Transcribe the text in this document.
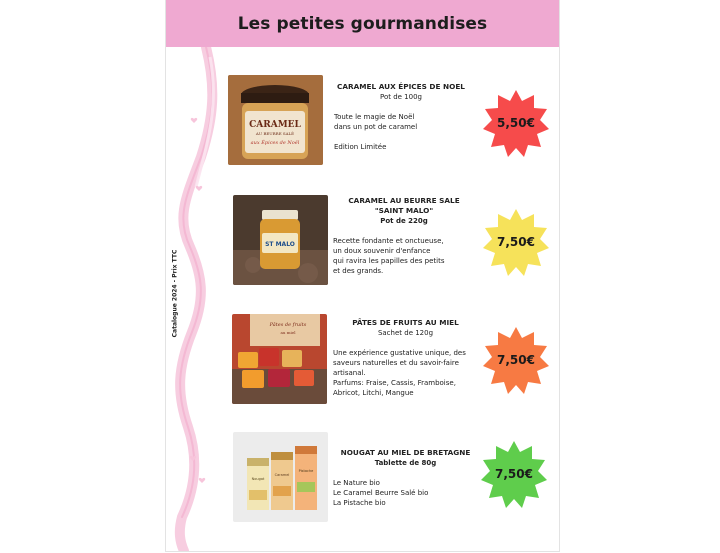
Les petites gourmandises
Catalogue 2024 - Prix TTC
CARAMEL
AU BEURRE SALÉ
aux Épices de Noël
CARAMEL AUX ÉPICES DE NOEL
Pot de 100g
Toute le magie de Noël
dans un pot de caramel
Edition Limitée
5,50€
ST MALO
CARAMEL AU BEURRE SALE
"SAINT MALO"
Pot de 220g
Recette fondante et onctueuse,
un doux souvenir d'enfance
qui ravira les papilles des petits
et des grands.
7,50€
Pâtes de fruits
au miel
PÂTES DE FRUITS AU MIEL
Sachet de 120g
Une expérience gustative unique, des
saveurs naturelles et du savoir-faire
artisanal.
Parfums: Fraise, Cassis, Framboise,
Abricot, Litchi, Mangue
7,50€
Nougat
Caramel
Pistache
NOUGAT AU MIEL DE BRETAGNE
Tablette de 80g
Le Nature bio
Le Caramel Beurre Salé bio
La Pistache bio
7,50€
